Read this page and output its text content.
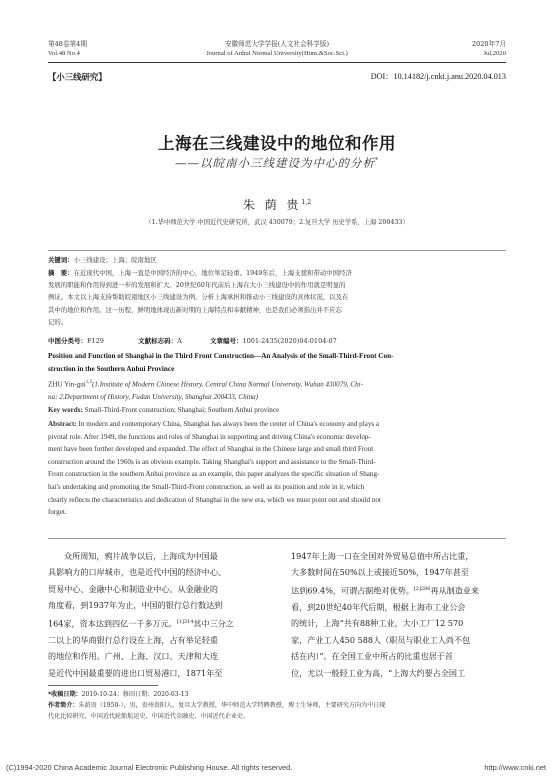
第48卷第4期
Vol.48 No.4
安徽师范大学学报(人文社会科学版)
Journal of Anhui Normal University(Hum.&Soc.Sci.)
2020年7月
Jul.2020
【小三线研究】	DOI：10.14182/j.cnki.j.anu.2020.04.013
上海在三线建设中的地位和作用
——以皖南小三线建设为中心的分析*
朱 荫 贵$^{1,2}$
（1.华中师范大学 中国近代史研究所，武汉 430079；2.复旦大学 历史学系，上海 200433）
关键词：小三线建设；上海；皖南地区
摘　要：在近现代中国，上海一直是中国经济的中心，地位举足轻重。1949年后，上海支援和带动中国经济
发展的职能和作用得到进一步的发展和扩大。20世纪60年代前后上海在大小三线建设中的作用就是明显的
例证。本文以上海支持帮助皖南地区小三线建设为例，分析上海承担和推动小三线建设的具体状况，以及在
其中的地位和作用。这一历程，鲜明地体现出新时期的上海特点和奉献精神，也是我们必须指出并不应忘
记的。
中图分类号：F129	文献标志码：A	文章编号：1001-2435(2020)04-0104-07
Position and Function of Shanghai in the Third Front Construction—An Analysis of the Small-Third-Front Con-
struction in the Southern Anhui Province
ZHU Yin-gui$^{1,2}$(1.Institute of Modern Chinese History, Central China Normal University, Wuhan 430079, Chi-
na; 2.Department of History, Fudan University, Shanghai 200433, China)
Key words: Small-Third-Front construction; Shanghai; Southern Anhui province
Abstract: In modern and contemporary China, Shanghai has always been the center of China's economy and plays a
pivotal role. After 1949, the functions and roles of Shanghai in supporting and driving China's economic develop-
ment have been further developed and expanded. The effect of Shanghai in the Chinese large and small third Front
construction around the 1960s is an obvious example. Taking Shanghai's support and assistance to the Small-Third-
Front construction in the southern Anhui province as an example, this paper analyzes the specific situation of Shang-
hai's undertaking and promoting the Small-Third-Front construction, as well as its position and role in it, which
clearly reflects the characteristics and dedication of Shanghai in the new era, which we must point out and should not
forget.

众所周知，鸦片战争以后，上海成为中国最

具影响力的口岸城市，也是近代中国的经济中心、

贸易中心、金融中心和制造业中心。从金融业的

角度看，到1937年为止，中国的银行总行数达到

164家，资本达到四亿一千多万元。$^{[1]314}$其中三分之

二以上的华商银行总行设在上海，占有举足轻重

的地位和作用。广州、上海、汉口、天津和大连

是近代中国最重要的进出口贸易港口，1871年至

1947年上海一口在全国对外贸易总值中所占比重，

大多数时间在50%以上或接近50%，1947年甚至

达到69.4%，可谓占据绝对优势。$^{[2]286}$再从制造业来

看，到20世纪40年代后期，根据上海市工业公会

的统计，上海“共有88种工业，大小工厂12 570

家，产业工人450 588人（职员与职业工人尚不包

括在内）”。在全国工业中所占的比重也居于首

位，尤以一般轻工业为高，“上海大约要占全国工

*收稿日期：2019-10-24；修回日期：2020-03-13
作者简介：朱荫贵（1950-），男，贵州贵阳人，复旦大学教授，华中师范大学特聘教授，博士生导师，主要研究方向为中日现
代化比较研究、中国近代轮船航运史、中国近代金融史、中国近代企业史。
(C)1994-2020 China Academic Journal Electronic Publishing House. All rights reserved.	http://www.cnki.net
